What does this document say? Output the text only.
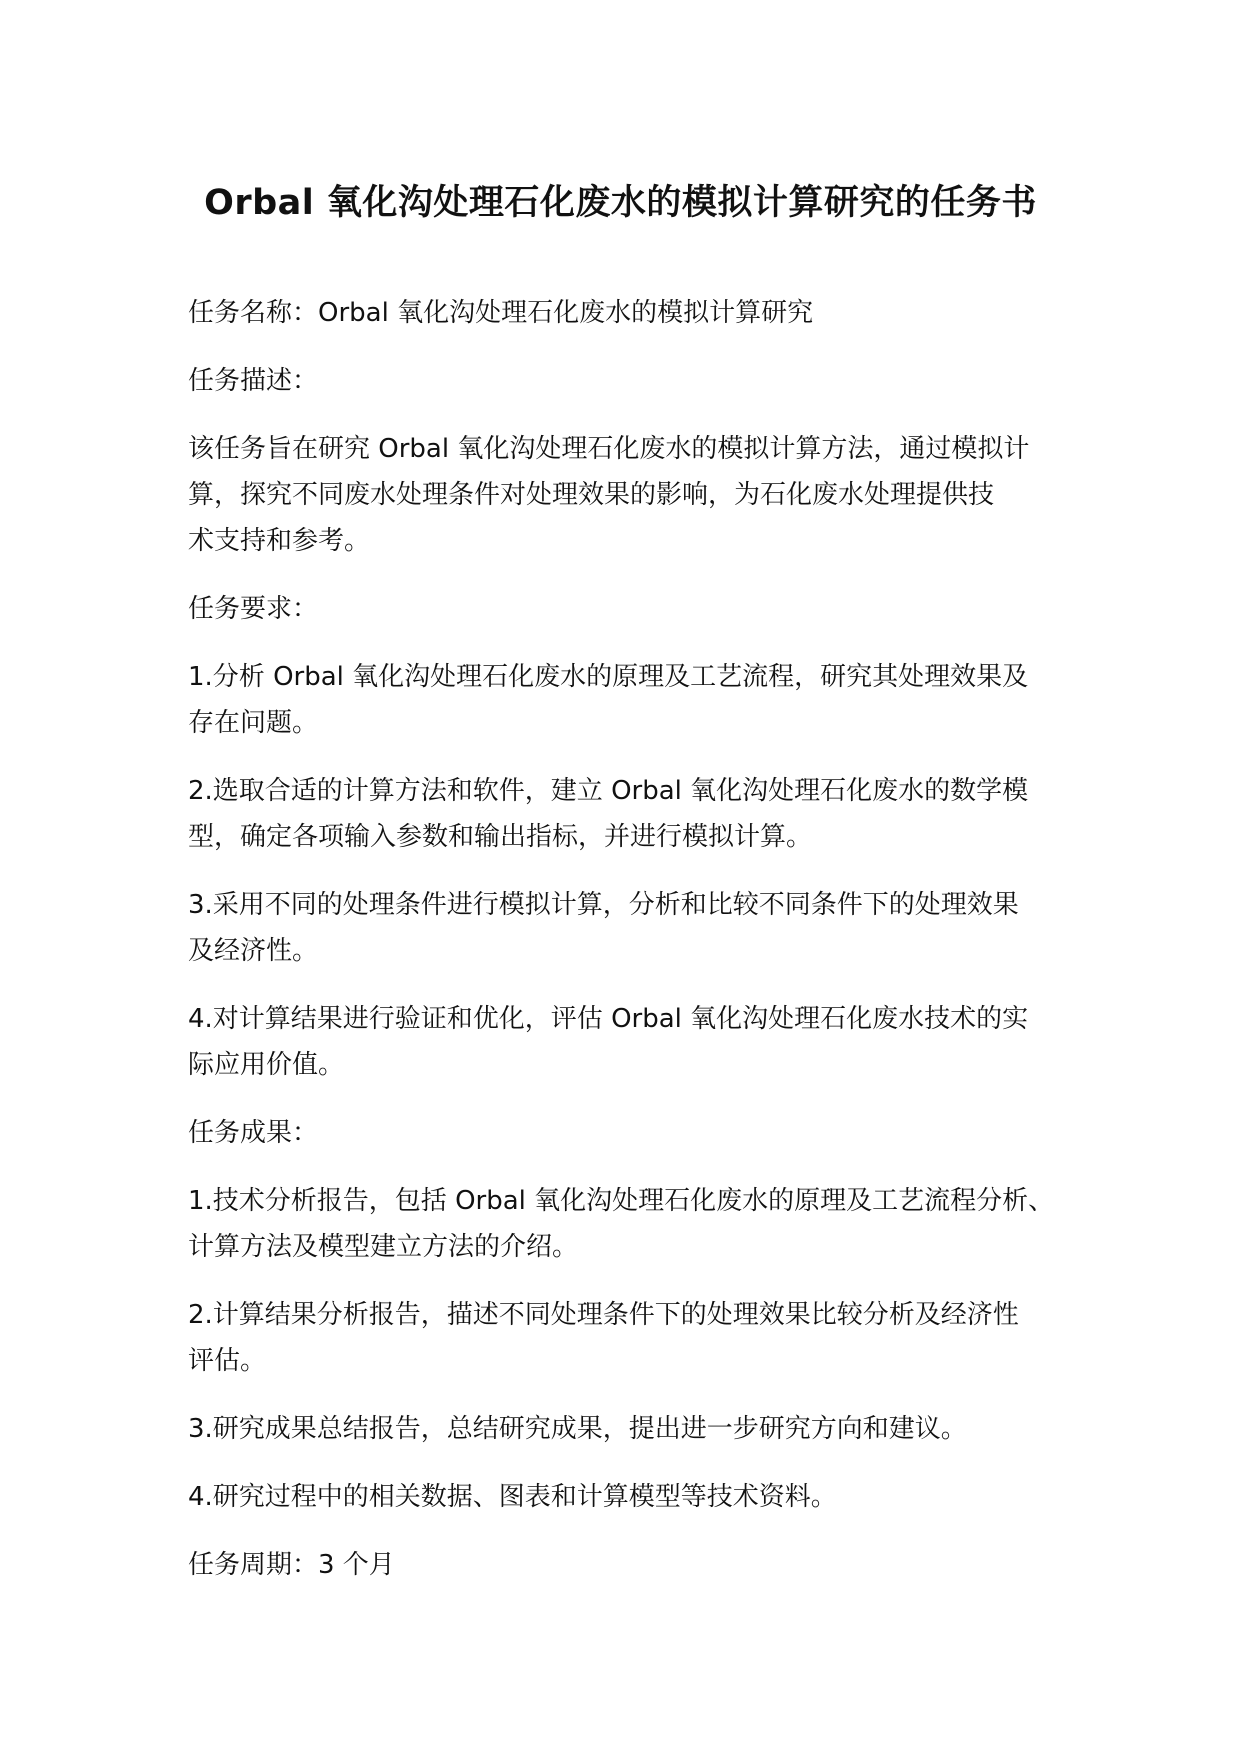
Orbal 氧化沟处理石化废水的模拟计算研究的任务书

任务名称：Orbal 氧化沟处理石化废水的模拟计算研究

任务描述：

该任务旨在研究 Orbal 氧化沟处理石化废水的模拟计算方法，通过模拟计
算，探究不同废水处理条件对处理效果的影响，为石化废水处理提供技
术支持和参考。

任务要求：

1.分析 Orbal 氧化沟处理石化废水的原理及工艺流程，研究其处理效果及
存在问题。

2.选取合适的计算方法和软件，建立 Orbal 氧化沟处理石化废水的数学模
型，确定各项输入参数和输出指标，并进行模拟计算。

3.采用不同的处理条件进行模拟计算，分析和比较不同条件下的处理效果
及经济性。

4.对计算结果进行验证和优化，评估 Orbal 氧化沟处理石化废水技术的实
际应用价值。

任务成果：

1.技术分析报告，包括 Orbal 氧化沟处理石化废水的原理及工艺流程分析、
计算方法及模型建立方法的介绍。

2.计算结果分析报告，描述不同处理条件下的处理效果比较分析及经济性
评估。

3.研究成果总结报告，总结研究成果，提出进一步研究方向和建议。

4.研究过程中的相关数据、图表和计算模型等技术资料。

任务周期：3 个月
